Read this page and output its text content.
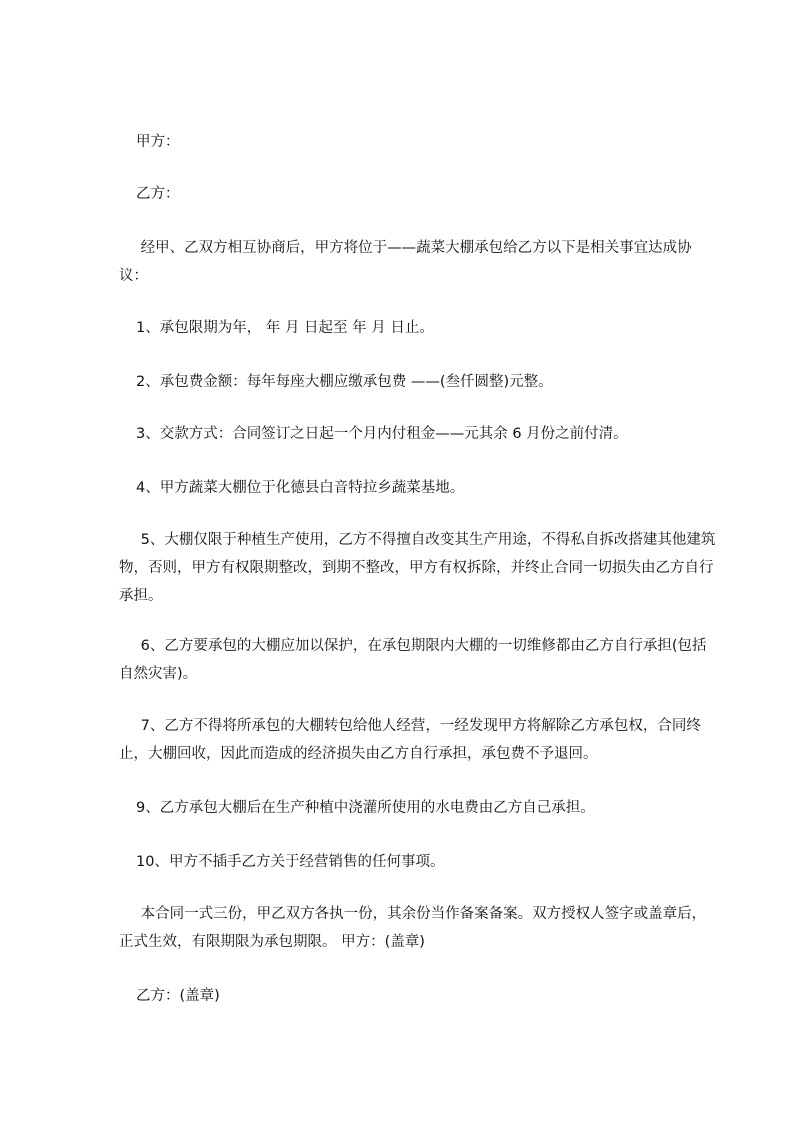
甲方：

乙方：

经甲、乙双方相互协商后，甲方将位于——蔬菜大棚承包给乙方以下是相关事宜达成协议：

1、承包限期为年， 年 月 日起至 年 月 日止。

2、承包费金额：每年每座大棚应缴承包费 ——(叁仟圆整)元整。

3、交款方式：合同签订之日起一个月内付租金——元其余 6 月份之前付清。

4、甲方蔬菜大棚位于化德县白音特拉乡蔬菜基地。

5、大棚仅限于种植生产使用，乙方不得擅自改变其生产用途，不得私自拆改搭建其他建筑物，否则，甲方有权限期整改，到期不整改，甲方有权拆除，并终止合同一切损失由乙方自行承担。

6、乙方要承包的大棚应加以保护，在承包期限内大棚的一切维修都由乙方自行承担(包括自然灾害)。

7、乙方不得将所承包的大棚转包给他人经营，一经发现甲方将解除乙方承包权，合同终止，大棚回收，因此而造成的经济损失由乙方自行承担，承包费不予退回。

9、乙方承包大棚后在生产种植中浇灌所使用的水电费由乙方自己承担。

10、甲方不插手乙方关于经营销售的任何事项。

本合同一式三份，甲乙双方各执一份，其余份当作备案备案。双方授权人签字或盖章后，正式生效，有限期限为承包期限。 甲方：(盖章)

乙方：(盖章)
